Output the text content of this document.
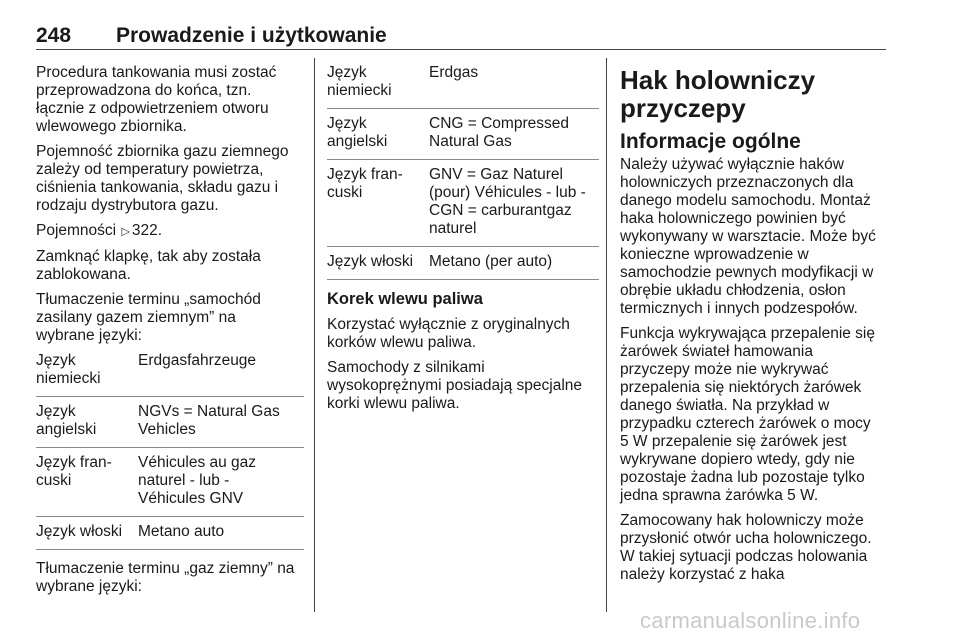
248 Prowadzenie i użytkowanie

Procedura tankowania musi zostać
przeprowadzona do końca, tzn.
łącznie z odpowietrzeniem otworu
wlewowego zbiornika.

Pojemność zbiornika gazu ziemnego
zależy od temperatury powietrza,
ciśnienia tankowania, składu gazu i
rodzaju dystrybutora gazu.

Pojemności △322.

Zamknąć klapkę, tak aby została
zablokowana.

Tłumaczenie terminu „samochód
zasilany gazem ziemnym” na
wybrane języki:

Język
niemiecki	Erdgasfahrzeuge
Język
angielski	NGVs = Natural Gas
Vehicles
Język fran-
cuski	Véhicules au gaz
naturel - lub -
Véhicules GNV
Język włoski	Metano auto

Tłumaczenie terminu „gaz ziemny” na
wybrane języki:

Język
niemiecki	Erdgas
Język
angielski	CNG = Compressed
Natural Gas
Język fran-
cuski	GNV = Gaz Naturel
(pour) Véhicules - lub -
CGN = carburantgaz
naturel
Język włoski	Metano (per auto)
Korek wlewu paliwa

Korzystać wyłącznie z oryginalnych
korków wlewu paliwa.

Samochody z silnikami
wysokoprężnymi posiadają specjalne
korki wlewu paliwa.

Hak holowniczy
przyczepy
Informacje ogólne

Należy używać wyłącznie haków
holowniczych przeznaczonych dla
danego modelu samochodu. Montaż
haka holowniczego powinien być
wykonywany w warsztacie. Może być
konieczne wprowadzenie w
samochodzie pewnych modyfikacji w
obrębie układu chłodzenia, osłon
termicznych i innych podzespołów.

Funkcja wykrywająca przepalenie się
żarówek świateł hamowania
przyczepy może nie wykrywać
przepalenia się niektórych żarówek
danego światła. Na przykład w
przypadku czterech żarówek o mocy
5 W przepalenie się żarówek jest
wykrywane dopiero wtedy, gdy nie
pozostaje żadna lub pozostaje tylko
jedna sprawna żarówka 5 W.

Zamocowany hak holowniczy może
przysłonić otwór ucha holowniczego.
W takiej sytuacji podczas holowania
należy korzystać z haka

carmanualsonline.info
